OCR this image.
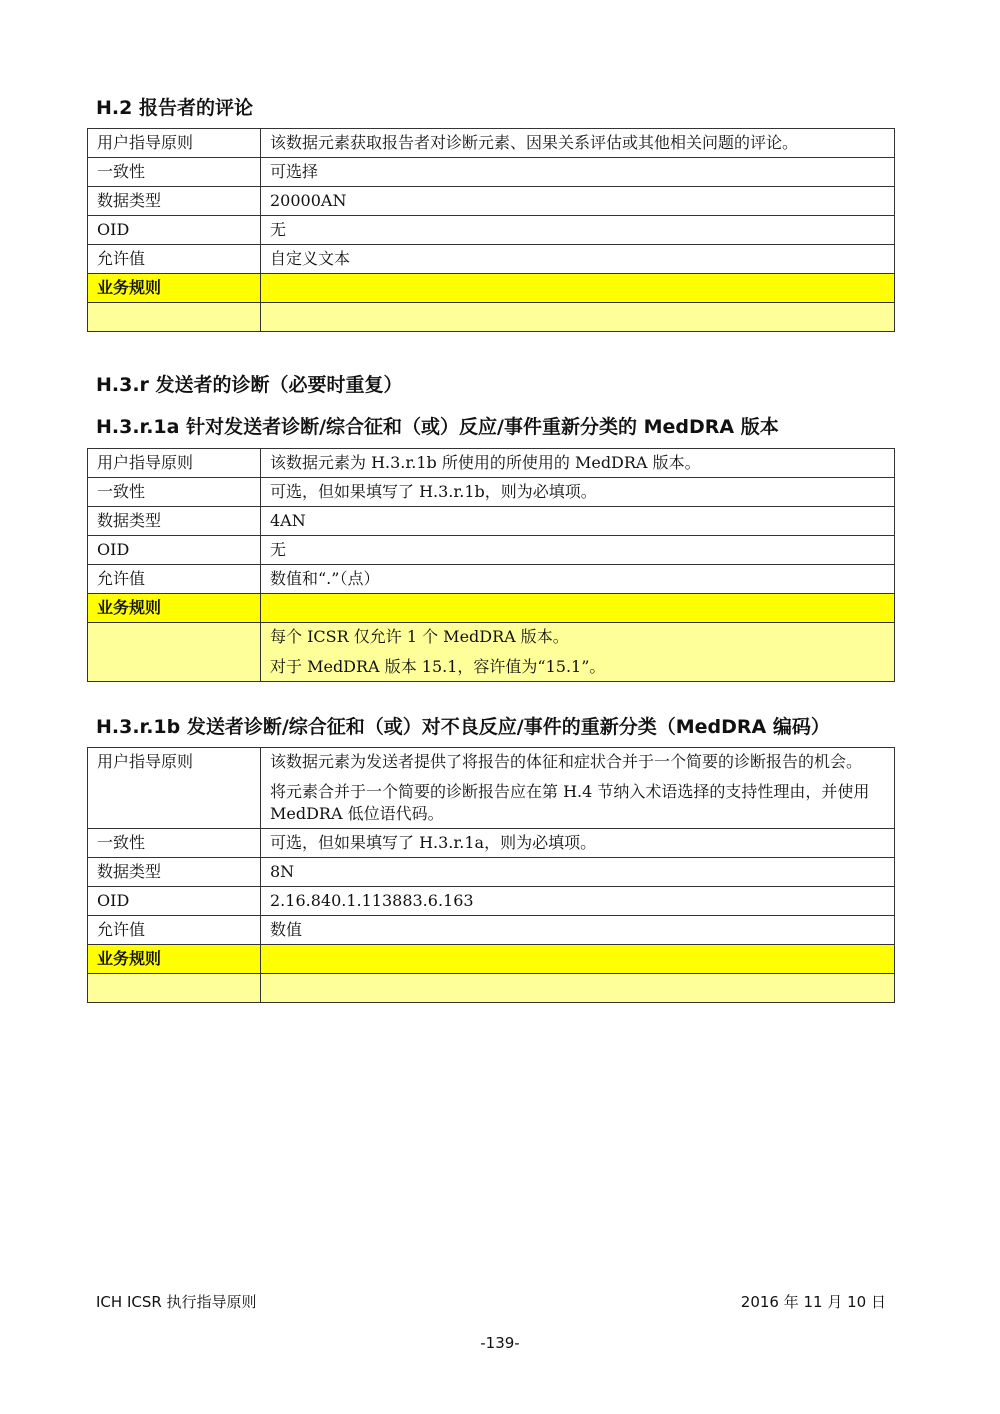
H.2 报告者的评论
用户指导原则	该数据元素获取报告者对诊断元素、因果关系评估或其他相关问题的评论。
一致性	可选择
数据类型	20000AN
OID	无
允许值	自定义文本
业务规则	

H.3.r 发送者的诊断（必要时重复）
H.3.r.1a 针对发送者诊断/综合征和（或）反应/事件重新分类的 MedDRA 版本
用户指导原则	该数据元素为 H.3.r.1b 所使用的所使用的 MedDRA 版本。
一致性	可选，但如果填写了 H.3.r.1b，则为必填项。
数据类型	4AN
OID	无
允许值	数值和“.”（点）
业务规则	

	每个 ICSR 仅允许 1 个 MedDRA 版本。

对于 MedDRA 版本 15.1，容许值为“15.1”。

H.3.r.1b 发送者诊断/综合征和（或）对不良反应/事件的重新分类（MedDRA 编码）
用户指导原则	该数据元素为发送者提供了将报告的体征和症状合并于一个简要的诊断报告的机会。

将元素合并于一个简要的诊断报告应在第 H.4 节纳入术语选择的支持性理由，并使用 MedDRA 低位语代码。

一致性	可选，但如果填写了 H.3.r.1a，则为必填项。
数据类型	8N
OID	2.16.840.1.113883.6.163
允许值	数值
业务规则	

ICH ICSR 执行指导原则	2016 年 11 月 10 日
-139-
